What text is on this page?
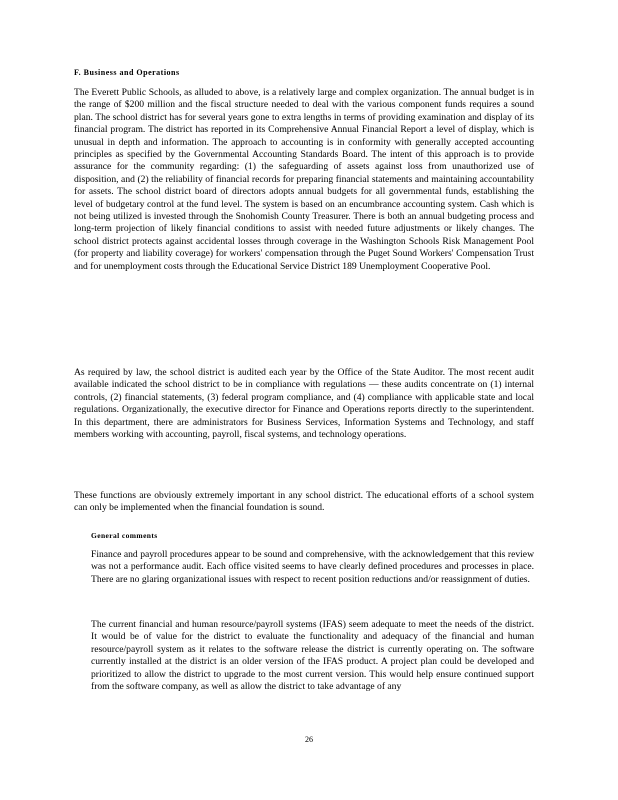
F. Business and Operations

The Everett Public Schools, as alluded to above, is a relatively large and complex organization. The annual budget is in the range of $200 million and the fiscal structure needed to deal with the various component funds requires a sound plan. The school district has for several years gone to extra lengths in terms of providing examination and display of its financial program. The district has reported in its Comprehensive Annual Financial Report a level of display, which is unusual in depth and information. The approach to accounting is in conformity with generally accepted accounting principles as specified by the Governmental Accounting Standards Board. The intent of this approach is to provide assurance for the community regarding: (1) the safeguarding of assets against loss from unauthorized use of disposition, and (2) the reliability of financial records for preparing financial statements and maintaining accountability for assets. The school district board of directors adopts annual budgets for all governmental funds, establishing the level of budgetary control at the fund level. The system is based on an encumbrance accounting system. Cash which is not being utilized is invested through the Snohomish County Treasurer. There is both an annual budgeting process and long-term projection of likely financial conditions to assist with needed future adjustments or likely changes. The school district protects against accidental losses through coverage in the Washington Schools Risk Management Pool (for property and liability coverage) for workers' compensation through the Puget Sound Workers' Compensation Trust and for unemployment costs through the Educational Service District 189 Unemployment Cooperative Pool.

As required by law, the school district is audited each year by the Office of the State Auditor. The most recent audit available indicated the school district to be in compliance with regulations — these audits concentrate on (1) internal controls, (2) financial statements, (3) federal program compliance, and (4) compliance with applicable state and local regulations. Organizationally, the executive director for Finance and Operations reports directly to the superintendent. In this department, there are administrators for Business Services, Information Systems and Technology, and staff members working with accounting, payroll, fiscal systems, and technology operations.

These functions are obviously extremely important in any school district. The educational efforts of a school system can only be implemented when the financial foundation is sound.

General comments

Finance and payroll procedures appear to be sound and comprehensive, with the acknowledgement that this review was not a performance audit. Each office visited seems to have clearly defined procedures and processes in place. There are no glaring organizational issues with respect to recent position reductions and/or reassignment of duties.

The current financial and human resource/payroll systems (IFAS) seem adequate to meet the needs of the district. It would be of value for the district to evaluate the functionality and adequacy of the financial and human resource/payroll system as it relates to the software release the district is currently operating on. The software currently installed at the district is an older version of the IFAS product. A project plan could be developed and prioritized to allow the district to upgrade to the most current version. This would help ensure continued support from the software company, as well as allow the district to take advantage of any

26
